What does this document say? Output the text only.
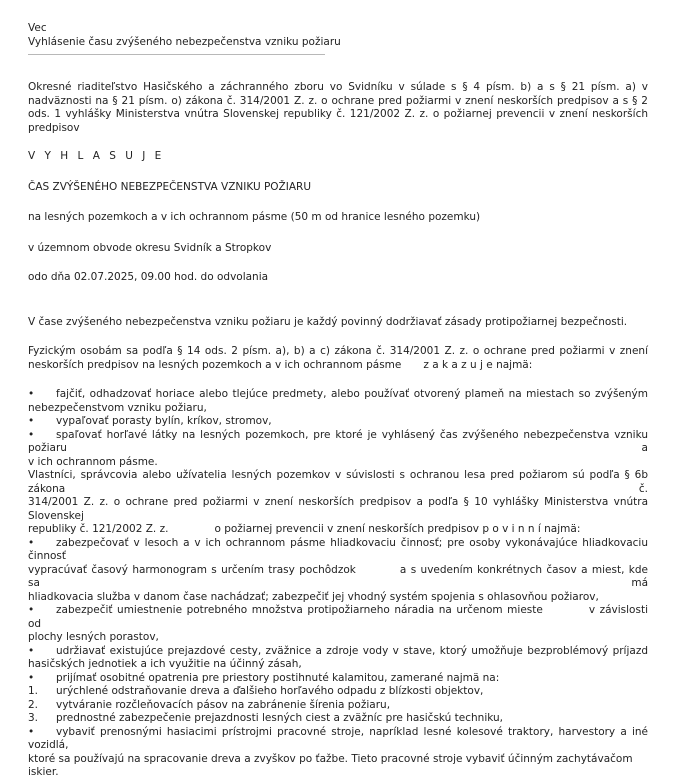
Vec

Vyhlásenie času zvýšeného nebezpečenstva vzniku požiaru

Okresné riaditeľstvo Hasičského a záchranného zboru vo Svidníku v súlade s § 4 písm. b) a s § 21 písm. a) v nadväznosti na § 21 písm. o) zákona č. 314/2001 Z. z. o ochrane pred požiarmi v znení neskorších predpisov a s § 2 ods. 1 vyhlášky Ministerstva vnútra Slovenskej republiky č. 121/2002 Z. z. o požiarnej prevencii v znení neskorších predpisov

V Y H L A S U J E

ČAS ZVÝŠENÉHO NEBEZPEČENSTVA VZNIKU POŽIARU

na lesných pozemkoch a v ich ochrannom pásme (50 m od hranice lesného pozemku)

v územnom obvode okresu Svidník a Stropkov

odo dňa 02.07.2025, 09.00 hod. do odvolania

V čase zvýšeného nebezpečenstva vzniku požiaru je každý povinný dodržiavať zásady protipožiarnej bezpečnosti.

Fyzickým osobám sa podľa § 14 ods. 2 písm. a), b) a c) zákona č. 314/2001 Z. z. o ochrane pred požiarmi v znení

neskorších predpisov na lesných pozemkoch a v ich ochrannom pásme z a k a z u j e najmä:

• fajčiť, odhadzovať horiace alebo tlejúce predmety, alebo používať otvorený plameň na miestach so zvýšeným

nebezpečenstvom vzniku požiaru,

• vypaľovať porasty bylín, kríkov, stromov,

• spaľovať horľavé látky na lesných pozemkoch, pre ktoré je vyhlásený čas zvýšeného nebezpečenstva vzniku požiaru a

v ich ochrannom pásme.

Vlastníci, správcovia alebo užívatelia lesných pozemkov v súvislosti s ochranou lesa pred požiarom sú podľa § 6b zákona č.

314/2001 Z. z. o ochrane pred požiarmi v znení neskorších predpisov a podľa § 10 vyhlášky Ministerstva vnútra Slovenskej

republiky č. 121/2002 Z. z.	o požiarnej prevencii v znení neskorších predpisov p o v i n n í najmä:

• zabezpečovať v lesoch a v ich ochrannom pásme hliadkovaciu činnosť; pre osoby vykonávajúce hliadkovaciu činnosť

vypracúvať časový harmonogram s určením trasy pochôdzok	a s uvedením konkrétnych časov a miest, kde sa má

hliadkovacia služba v danom čase nachádzať; zabezpečiť jej vhodný systém spojenia s ohlasovňou požiarov,

• zabezpečiť umiestnenie potrebného množstva protipožiarneho náradia na určenom mieste	v závislosti od

plochy lesných porastov,

• udržiavať existujúce prejazdové cesty, zväžnice a zdroje vody v stave, ktorý umožňuje bezproblémový príjazd

hasičských jednotiek a ich využitie na účinný zásah,

• prijímať osobitné opatrenia pre priestory postihnuté kalamitou, zamerané najmä na:

1. urýchlené odstraňovanie dreva a ďalšieho horľavého odpadu z blízkosti objektov,

2. vytváranie rozčleňovacích pásov na zabránenie šírenia požiaru,

3. prednostné zabezpečenie prejazdnosti lesných ciest a zväžníc pre hasičskú techniku,

• vybaviť prenosnými hasiacimi prístrojmi pracovné stroje, napríklad lesné kolesové traktory, harvestory a iné vozidlá,

ktoré sa používajú na spracovanie dreva a zvyškov po ťažbe. Tieto pracovné stroje vybaviť účinným zachytávačom iskier.
